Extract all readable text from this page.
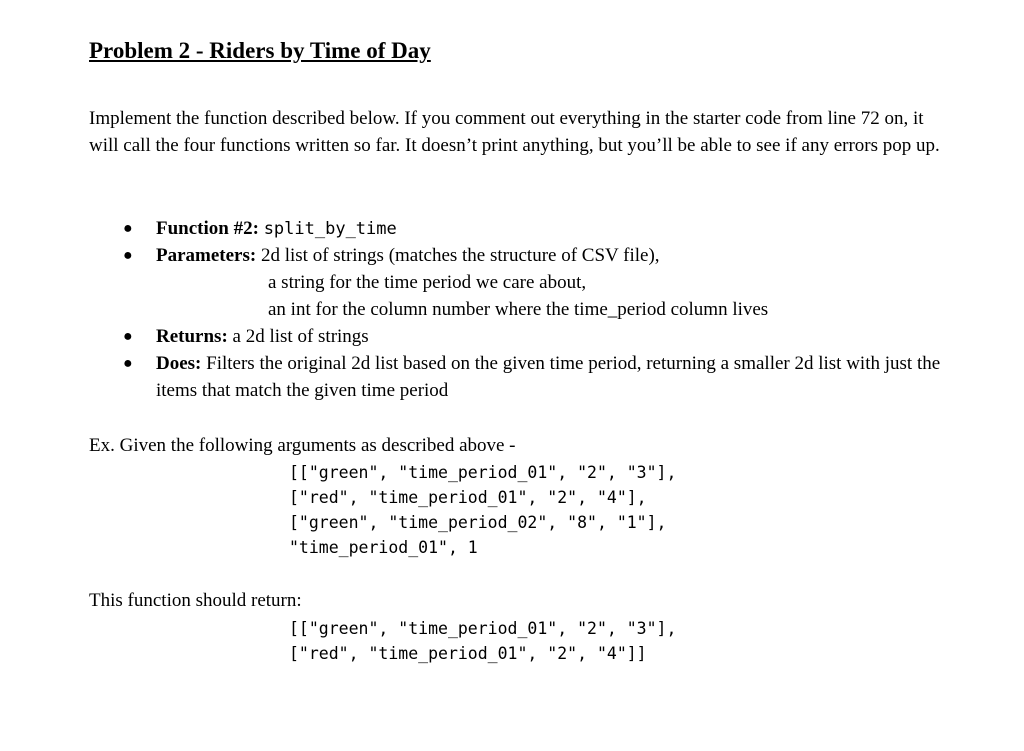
Problem 2 - Riders by Time of Day

Implement the function described below. If you comment out everything in the starter code from line 72 on, it will call the four functions written so far. It doesn’t print anything, but you’ll be able to see if any errors pop up.

● Function #2: split_by_time
● Parameters: 2d list of strings (matches the structure of CSV file),
a string for the time period we care about,
an int for the column number where the time_period column lives
● Returns: a 2d list of strings
● Does: Filters the original 2d list based on the given time period, returning a smaller 2d list with just the items that match the given time period

Ex. Given the following arguments as described above -

[["green", "time_period_01", "2", "3"],
["red", "time_period_01", "2", "4"],
["green", "time_period_02", "8", "1"],
"time_period_01", 1

This function should return:

[["green", "time_period_01", "2", "3"],
["red", "time_period_01", "2", "4"]]
